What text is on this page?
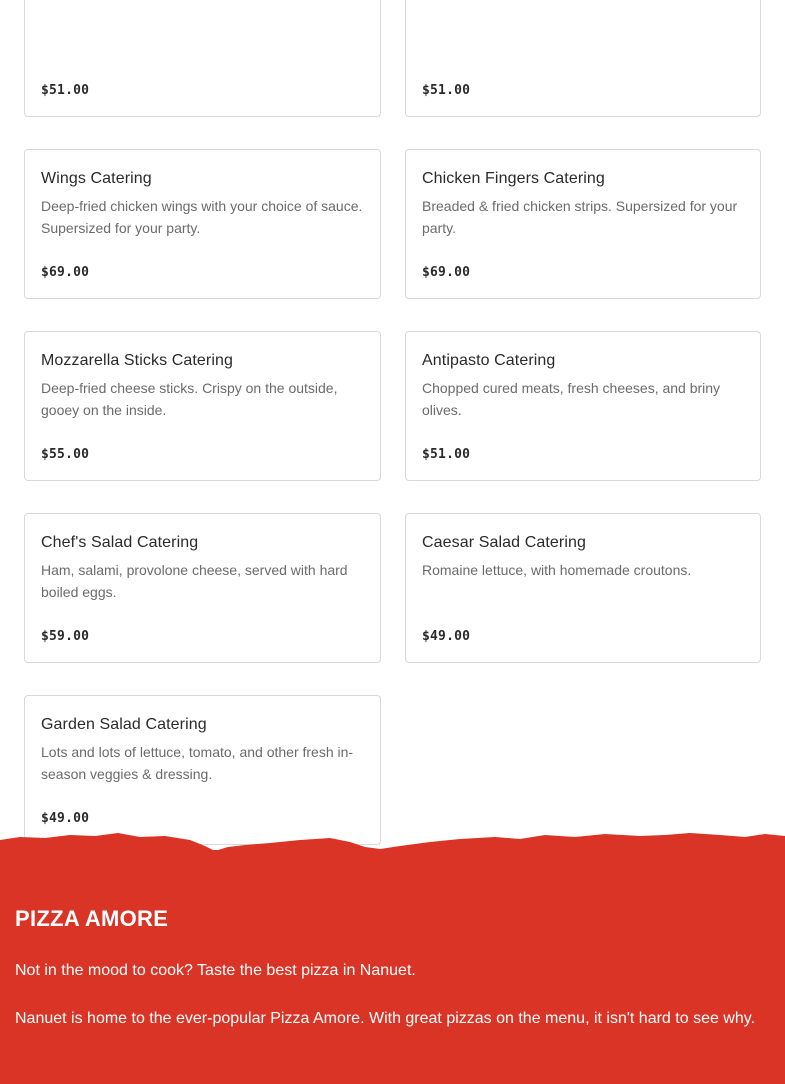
$51.00	$51.00
Wings Catering
Deep-fried chicken wings with your choice of sauce. Supersized for your party.
$69.00
Chicken Fingers Catering
Breaded & fried chicken strips. Supersized for your party.
$69.00
Mozzarella Sticks Catering
Deep-fried cheese sticks. Crispy on the outside, gooey on the inside.
$55.00
Antipasto Catering
Chopped cured meats, fresh cheeses, and briny olives.
$51.00
Chef's Salad Catering
Ham, salami, provolone cheese, served with hard boiled eggs.
$59.00
Caesar Salad Catering
Romaine lettuce, with homemade croutons.
$49.00
Garden Salad Catering
Lots and lots of lettuce, tomato, and other fresh in-season veggies & dressing.
$49.00
PIZZA AMORE
Not in the mood to cook? Taste the best pizza in Nanuet.
Nanuet is home to the ever-popular Pizza Amore. With great pizzas on the menu, it isn't hard to see why.
